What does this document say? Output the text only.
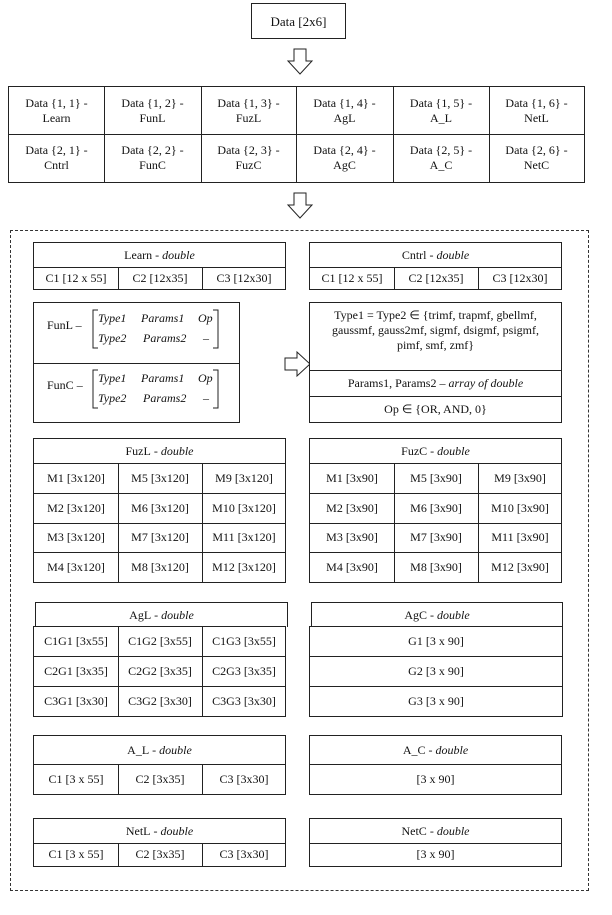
Data [2x6]
Data {1, 1} -
Learn
Data {1, 2} -
FunL
Data {1, 3} -
FuzL
Data {1, 4} -
AgL
Data {1, 5} -
A_L
Data {1, 6} -
NetL
Data {2, 1} -
Cntrl
Data {2, 2} -
FunC
Data {2, 3} -
FuzC
Data {2, 4} -
AgC
Data {2, 5} -
A_C
Data {2, 6} -
NetC
Learn - double
C1 [12 x 55]	C2 [12x35]	C3 [12x30]
Cntrl - double
C1 [12 x 55]	C2 [12x35]	C3 [12x30]
FunL – Type1 Params1 Op
Type2 Params2 –
FunC – Type1 Params1 Op
Type2 Params2 –
Type1 = Type2 ∈ {trimf, trapmf, gbellmf,
gaussmf, gauss2mf, sigmf, dsigmf, psigmf,
pimf, smf, zmf}
Params1, Params2 –
array of double
Op ∈ {OR, AND, 0}
FuzL - double
M1 [3x120]	M5 [3x120]	M9 [3x120]
M2 [3x120]	M6 [3x120]	M10 [3x120]
M3 [3x120]	M7 [3x120]	M11 [3x120]
M4 [3x120]	M8 [3x120]	M12 [3x120]
FuzC - double
M1 [3x90]	M5 [3x90]	M9 [3x90]
M2 [3x90]	M6 [3x90]	M10 [3x90]
M3 [3x90]	M7 [3x90]	M11 [3x90]
M4 [3x90]	M8 [3x90]	M12 [3x90]
AgL - double
C1G1 [3x55]	C1G2 [3x55]	C1G3 [3x55]
C2G1 [3x35]	C2G2 [3x35]	C2G3 [3x35]
C3G1 [3x30]	C3G2 [3x30]	C3G3 [3x30]
AgC - double
G1 [3 x 90]
G2 [3 x 90]
G3 [3 x 90]
A_L - double
C1 [3 x 55]	C2 [3x35]	C3 [3x30]
A_C - double
[3 x 90]
NetL - double
C1 [3 x 55]	C2 [3x35]	C3 [3x30]
NetC - double
[3 x 90]
